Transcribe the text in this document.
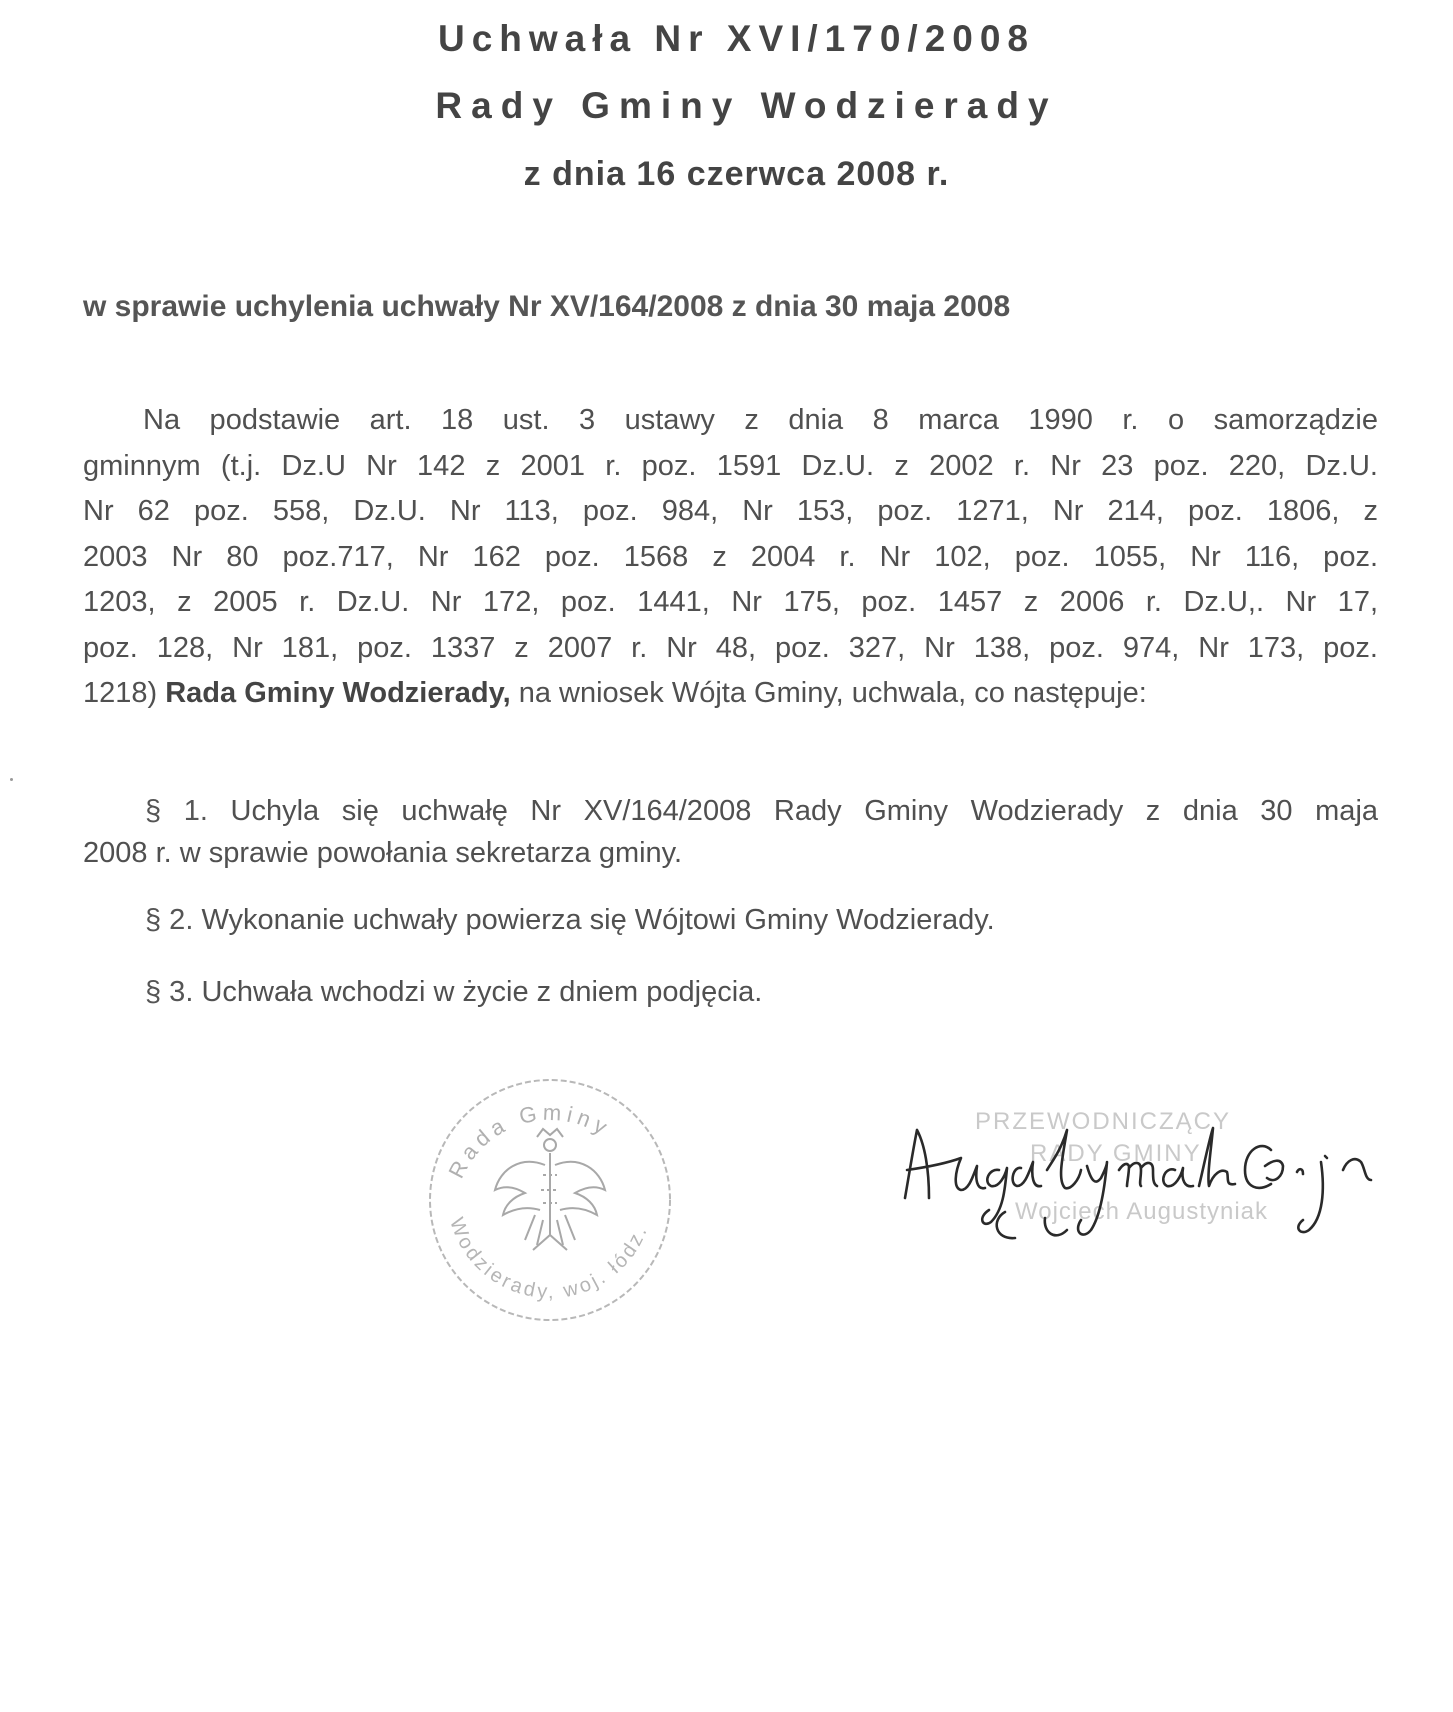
Uchwała Nr XVI/170/2008
Rady Gminy Wodzierady
z dnia 16 czerwca 2008 r.
w sprawie uchylenia uchwały Nr XV/164/2008 z dnia 30 maja 2008
Na podstawie art. 18 ust. 3 ustawy z dnia 8 marca 1990 r. o samorządzie
gminnym (t.j. Dz.U Nr 142 z 2001 r. poz. 1591 Dz.U. z 2002 r. Nr 23 poz. 220, Dz.U.
Nr 62 poz. 558, Dz.U. Nr 113, poz. 984, Nr 153, poz. 1271, Nr 214, poz. 1806, z
2003 Nr 80 poz.717, Nr 162 poz. 1568 z 2004 r. Nr 102, poz. 1055, Nr 116, poz.
1203, z 2005 r. Dz.U. Nr 172, poz. 1441, Nr 175, poz. 1457 z 2006 r. Dz.U,. Nr 17,
poz. 128, Nr 181, poz. 1337 z 2007 r. Nr 48, poz. 327, Nr 138, poz. 974, Nr 173, poz.
1218) Rada Gminy Wodzierady, na wniosek Wójta Gminy, uchwala, co następuje:
§ 1. Uchyla się uchwałę Nr XV/164/2008 Rady Gminy Wodzierady z dnia 30 maja
2008 r. w sprawie powołania sekretarza gminy.
§ 2. Wykonanie uchwały powierza się Wójtowi Gminy Wodzierady.
§ 3. Uchwała wchodzi w życie z dniem podjęcia.
Rada Gminy
Wodzierady, woj. łódz.
PRZEWODNICZĄCY
RADY GMINY
Wojciech Augustyniak
